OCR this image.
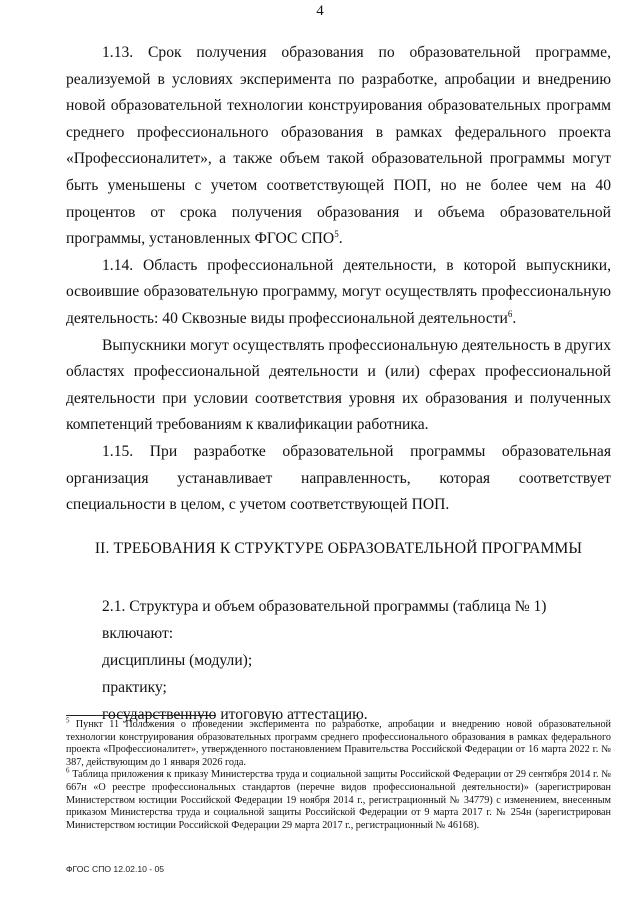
4

1.13. Срок получения образования по образовательной программе, реализуемой в условиях эксперимента по разработке, апробации и внедрению новой образовательной технологии конструирования образовательных программ среднего профессионального образования в рамках федерального проекта «Профессионалитет», а также объем такой образовательной программы могут быть уменьшены с учетом соответствующей ПОП, но не более чем на 40 процентов от срока получения образования и объема образовательной программы, установленных ФГОС СПО$^5$.

1.14. Область профессиональной деятельности, в которой выпускники, освоившие образовательную программу, могут осуществлять профессиональную деятельность: 40 Сквозные виды профессиональной деятельности$^6$.

Выпускники могут осуществлять профессиональную деятельность в других областях профессиональной деятельности и (или) сферах профессиональной деятельности при условии соответствия уровня их образования и полученных компетенций требованиям к квалификации работника.

1.15. При разработке образовательной программы образовательная организация устанавливает направленность, которая соответствует специальности в целом, с учетом соответствующей ПОП.

II. ТРЕБОВАНИЯ К СТРУКТУРЕ ОБРАЗОВАТЕЛЬНОЙ ПРОГРАММЫ

2.1. Структура и объем образовательной программы (таблица № 1) включают:

дисциплины (модули);

практику;

государственную итоговую аттестацию.

$^5$ Пункт 11 Положения о проведении эксперимента по разработке, апробации и внедрению новой образовательной технологии конструирования образовательных программ среднего профессионального образования в рамках федерального проекта «Профессионалитет», утвержденного постановлением Правительства Российской Федерации от 16 марта 2022 г. № 387, действующим до 1 января 2026 года.

$^6$ Таблица приложения к приказу Министерства труда и социальной защиты Российской Федерации от 29 сентября 2014 г. № 667н «О реестре профессиональных стандартов (перечне видов профессиональной деятельности)» (зарегистрирован Министерством юстиции Российской Федерации 19 ноября 2014 г., регистрационный № 34779) с изменением, внесенным приказом Министерства труда и социальной защиты Российской Федерации от 9 марта 2017 г. № 254н (зарегистрирован Министерством юстиции Российской Федерации 29 марта 2017 г., регистрационный № 46168).

ФГОС СПО 12.02.10 - 05
